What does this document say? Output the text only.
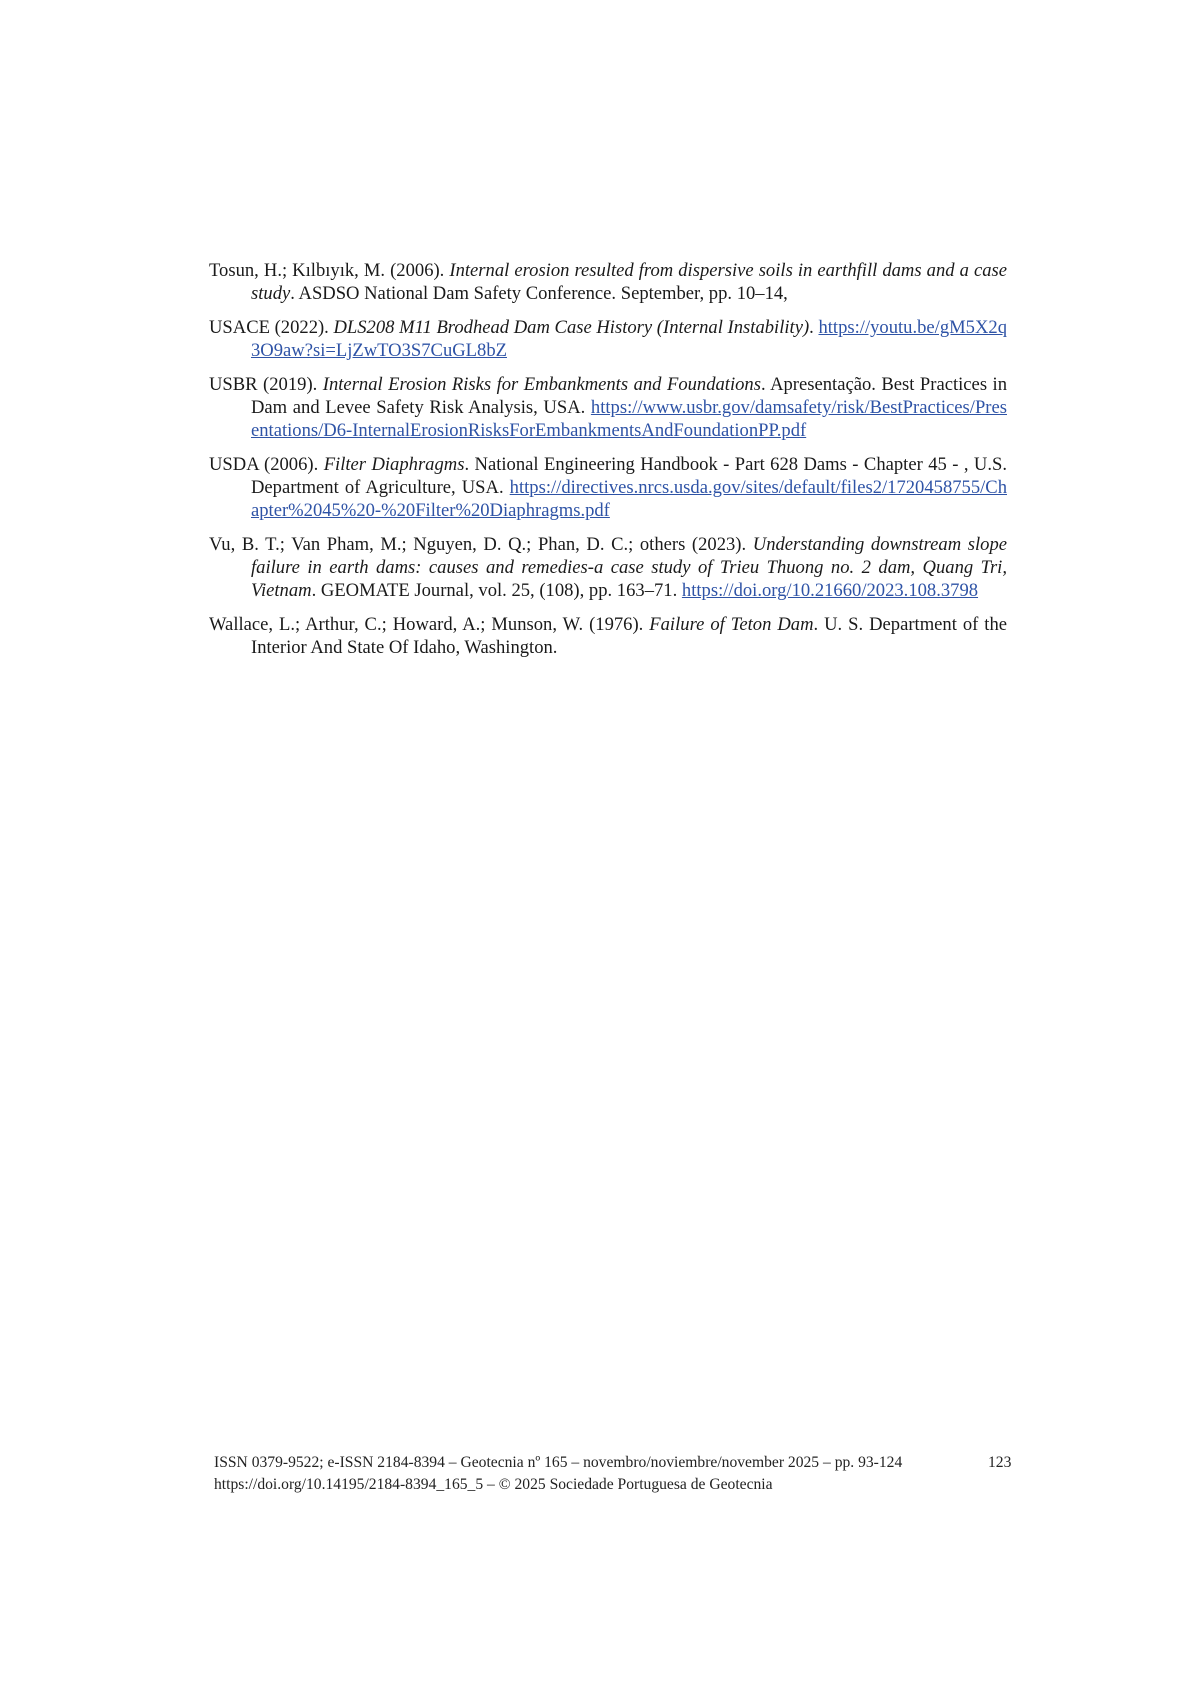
Tosun, H.; Kılbıyık, M. (2006). Internal erosion resulted from dispersive soils in earthfill dams and a case study. ASDSO National Dam Safety Conference. September, pp. 10–14,

USACE (2022). DLS208 M11 Brodhead Dam Case History (Internal Instability). https://youtu.be/gM5X2q3O9aw?si=LjZwTO3S7CuGL8bZ

USBR (2019). Internal Erosion Risks for Embankments and Foundations. Apresentação. Best Practices in Dam and Levee Safety Risk Analysis, USA. https://www.usbr.gov/damsafety/risk/BestPractices/Presentations/D6-InternalErosionRisksForEmbankmentsAndFoundationPP.pdf

USDA (2006). Filter Diaphragms. National Engineering Handbook - Part 628 Dams - Chapter 45 - , U.S. Department of Agriculture, USA. https://directives.nrcs.usda.gov/sites/default/files2/1720458755/Chapter%2045%20-%20Filter%20Diaphragms.pdf

Vu, B. T.; Van Pham, M.; Nguyen, D. Q.; Phan, D. C.; others (2023). Understanding downstream slope failure in earth dams: causes and remedies-a case study of Trieu Thuong no. 2 dam, Quang Tri, Vietnam. GEOMATE Journal, vol. 25, (108), pp. 163–71. https://doi.org/10.21660/2023.108.3798

Wallace, L.; Arthur, C.; Howard, A.; Munson, W. (1976). Failure of Teton Dam. U. S. Department of the Interior And State Of Idaho, Washington.

ISSN 0379-9522; e-ISSN 2184-8394 – Geotecnia nº 165 – novembro/noviembre/november 2025 – pp. 93-124
https://doi.org/10.14195/2184-8394_165_5 – © 2025 Sociedade Portuguesa de Geotecnia
123
